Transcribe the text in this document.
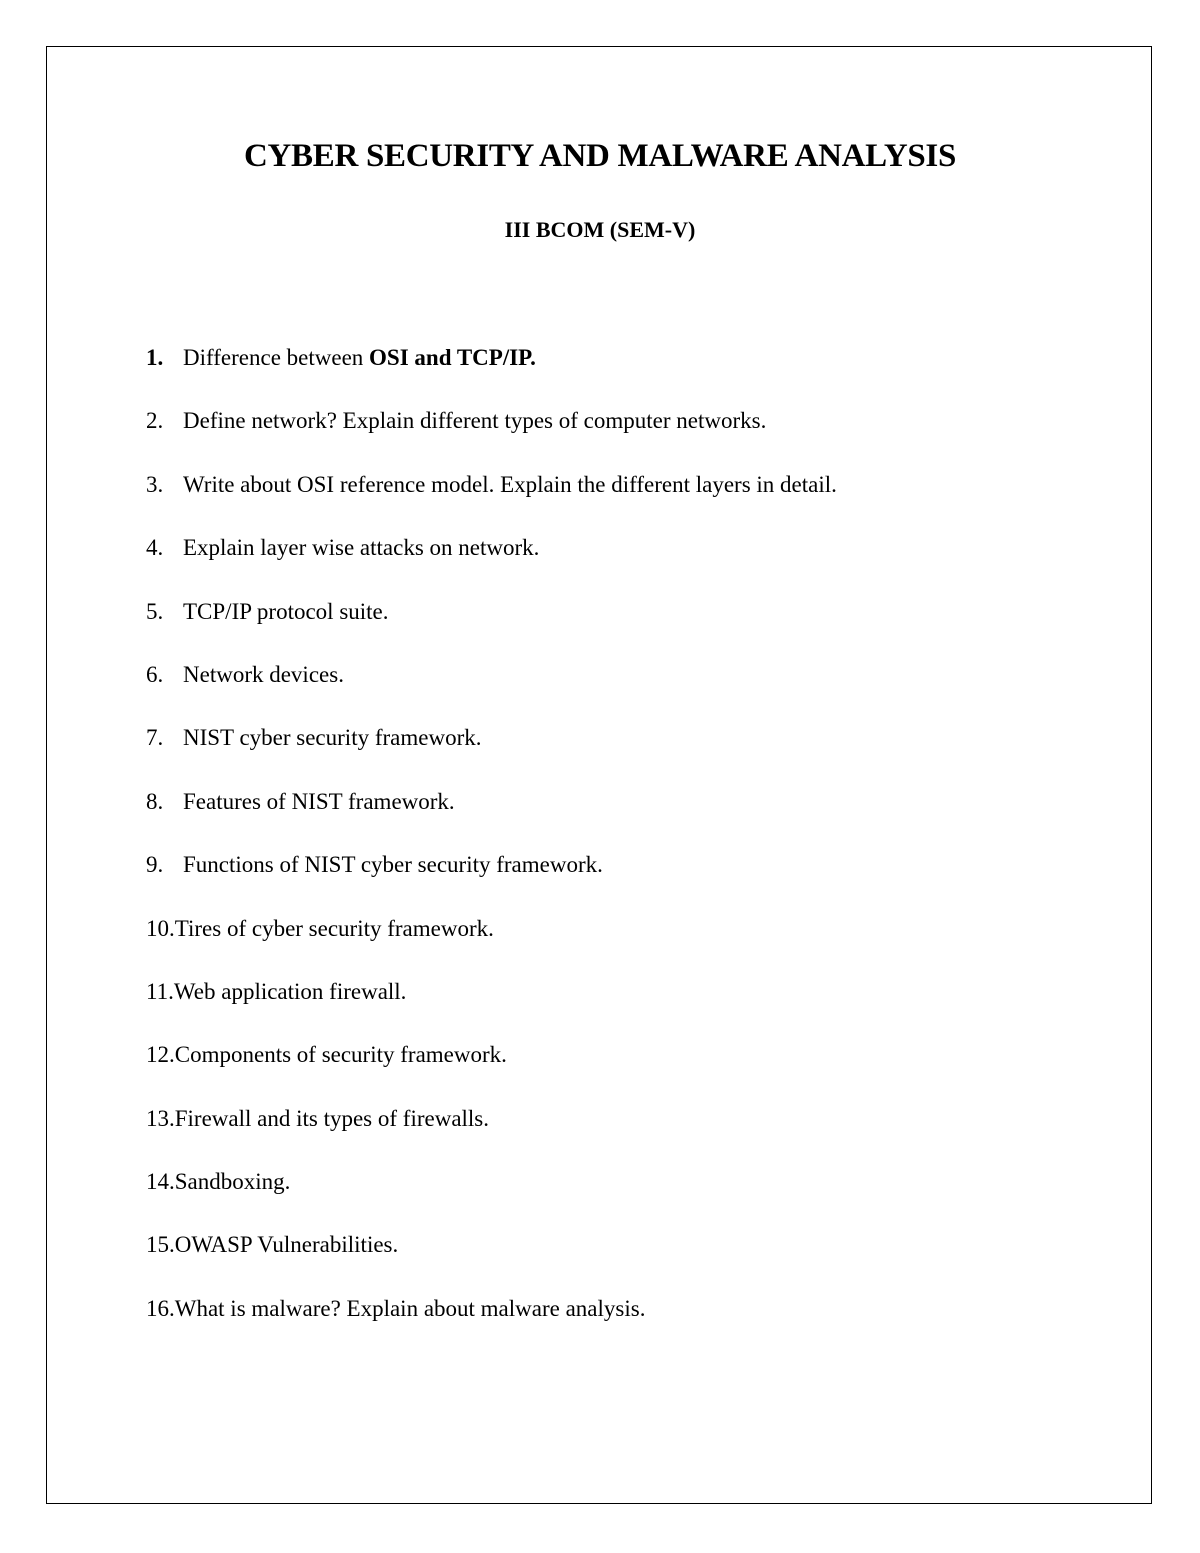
CYBER SECURITY AND MALWARE ANALYSIS
III BCOM (SEM-V)
1. Difference between OSI and TCP/IP.
2. Define network? Explain different types of computer networks.
3. Write about OSI reference model. Explain the different layers in detail.
4. Explain layer wise attacks on network.
5. TCP/IP protocol suite.
6. Network devices.
7. NIST cyber security framework.
8. Features of NIST framework.
9. Functions of NIST cyber security framework.
10.Tires of cyber security framework.
11.Web application firewall.
12.Components of security framework.
13.Firewall and its types of firewalls.
14.Sandboxing.
15.OWASP Vulnerabilities.
16.What is malware? Explain about malware analysis.
